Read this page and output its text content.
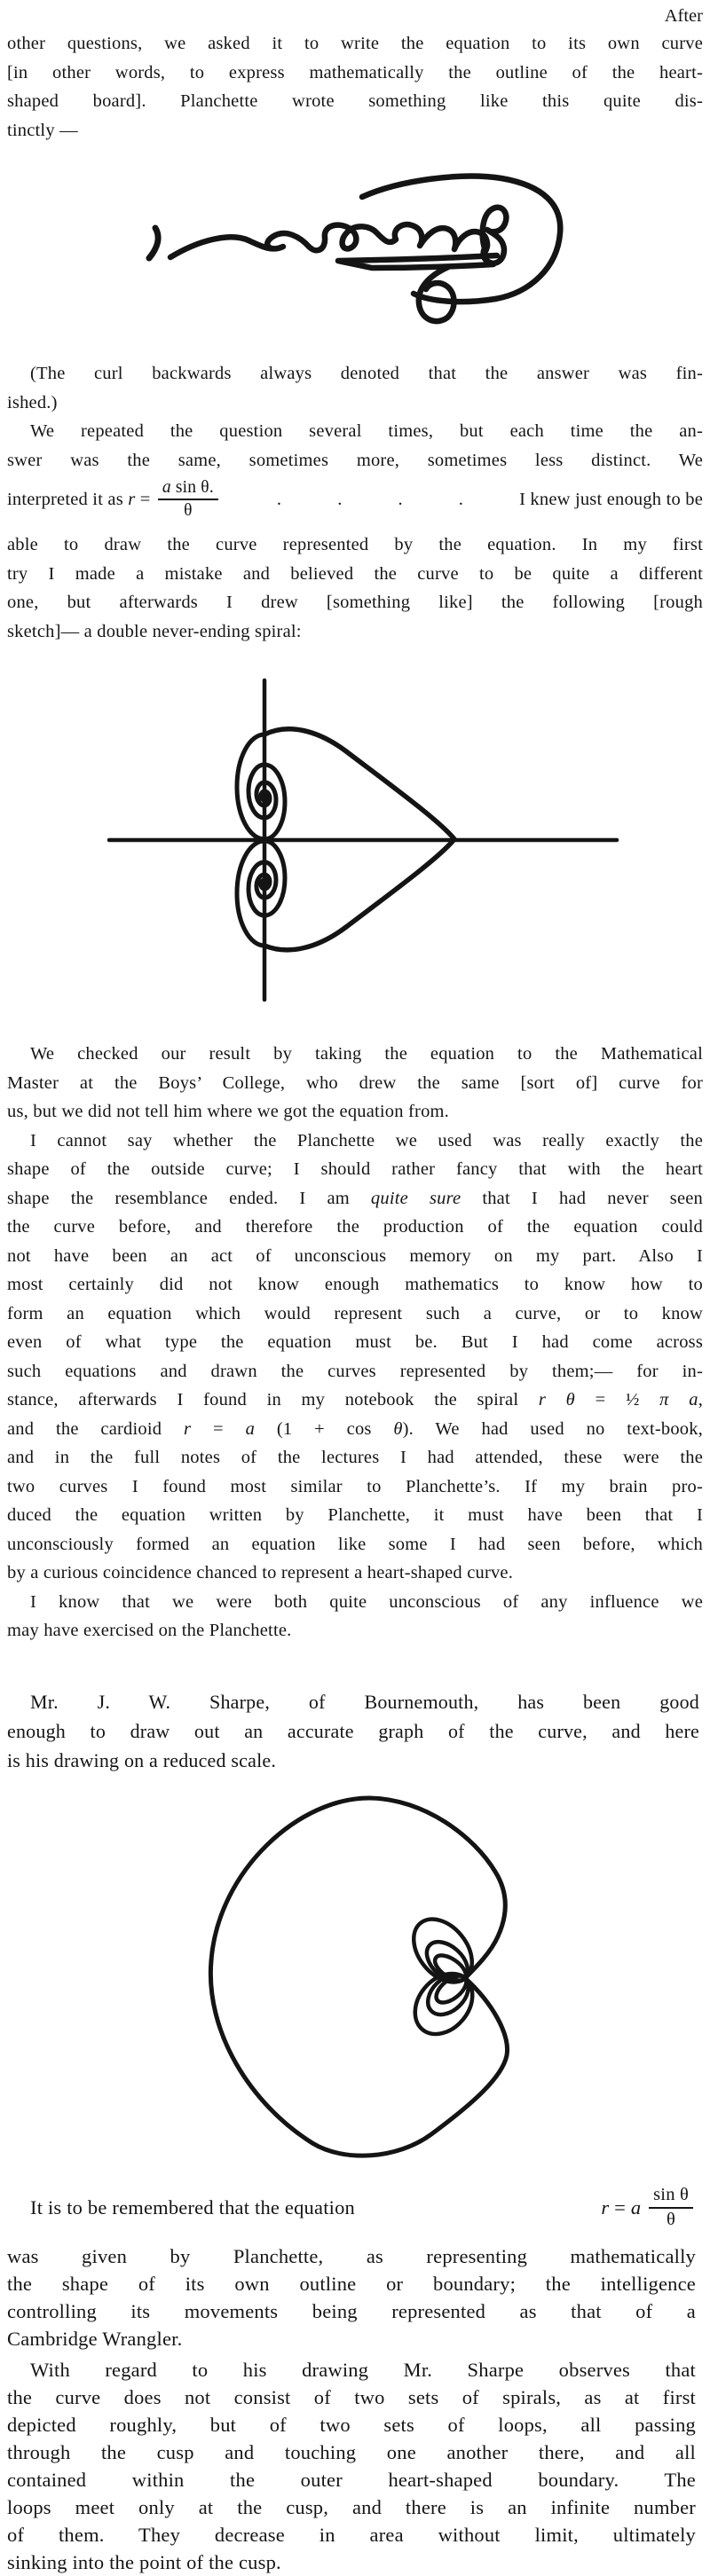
After
other questions, we asked it to write the equation to its own curve
[in other words, to express mathematically the outline of the heart-
shaped board]. Planchette wrote something like this quite dis-
tinctly —
(The curl backwards always denoted that the answer was fin-
ished.)
We repeated the question several times, but each time the an-
swer was the same, sometimes more, sometimes less distinct. We
interpreted it as $r = \frac{\text{a sin θ.}}{\theta}$	.	.	.	.	I knew just enough to be
able to draw the curve represented by the equation. In my first
try I made a mistake and believed the curve to be quite a different
one, but afterwards I drew [something like] the following [rough
sketch]— a double never-ending spiral:
We checked our result by taking the equation to the Mathematical
Master at the Boys’ College, who drew the same [sort of] curve for
us, but we did not tell him where we got the equation from.
I cannot say whether the Planchette we used was really exactly the
shape of the outside curve; I should rather fancy that with the heart
shape the resemblance ended. I am quite sure that I had never seen
the curve before, and therefore the production of the equation could
not have been an act of unconscious memory on my part. Also I
most certainly did not know enough mathematics to know how to
form an equation which would represent such a curve, or to know
even of what type the equation must be. But I had come across
such equations and drawn the curves represented by them;— for in-
stance, afterwards I found in my notebook the spiral r θ = ½ π a,
and the cardioid r = a (1 + cos θ). We had used no text-book,
and in the full notes of the lectures I had attended, these were the
two curves I found most similar to Planchette’s. If my brain pro-
duced the equation written by Planchette, it must have been that I
unconsciously formed an equation like some I had seen before, which
by a curious coincidence chanced to represent a heart-shaped curve.
I know that we were both quite unconscious of any influence we
may have exercised on the Planchette.
Mr. J. W. Sharpe, of Bournemouth, has been good
enough to draw out an accurate graph of the curve, and here
is his drawing on a reduced scale.
It is to be remembered that the equation	r = a $\frac{\text{sin θ}}{\theta}$
was given by Planchette, as representing mathematically
the shape of its own outline or boundary; the intelligence
controlling its movements being represented as that of a
Cambridge Wrangler.
With regard to his drawing Mr. Sharpe observes that
the curve does not consist of two sets of spirals, as at first
depicted roughly, but of two sets of loops, all passing
through the cusp and touching one another there, and all
contained within the outer heart-shaped boundary. The
loops meet only at the cusp, and there is an infinite number
of them. They decrease in area without limit, ultimately
sinking into the point of the cusp.
